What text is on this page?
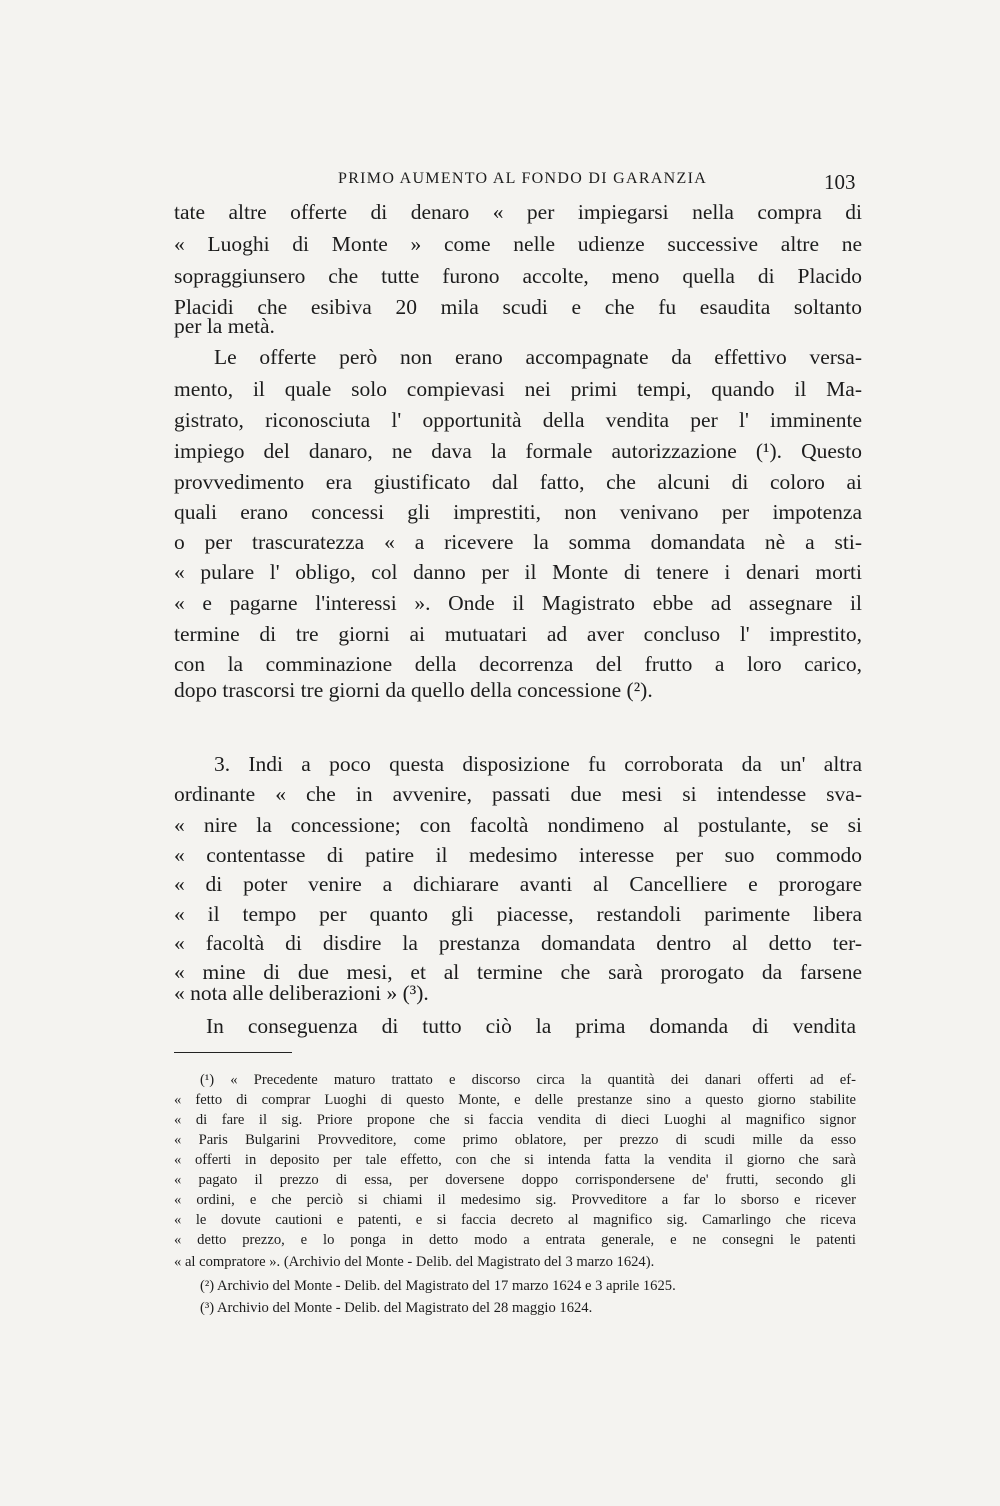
PRIMO AUMENTO AL FONDO DI GARANZIA	103
tate altre offerte di denaro « per impiegarsi nella compra di
« Luoghi di Monte » come nelle udienze successive altre ne
sopraggiunsero che tutte furono accolte, meno quella di Placido
Placidi che esibiva 20 mila scudi e che fu esaudita soltanto
per la metà.
Le offerte però non erano accompagnate da effettivo versa-
mento, il quale solo compievasi nei primi tempi, quando il Ma-
gistrato, riconosciuta l' opportunità della vendita per l' imminente
impiego del danaro, ne dava la formale autorizzazione (¹). Questo
provvedimento era giustificato dal fatto, che alcuni di coloro ai
quali erano concessi gli imprestiti, non venivano per impotenza
o per trascuratezza « a ricevere la somma domandata nè a sti-
« pulare l' obligo, col danno per il Monte di tenere i denari morti
« e pagarne l'interessi ». Onde il Magistrato ebbe ad assegnare il
termine di tre giorni ai mutuatari ad aver concluso l' imprestito,
con la comminazione della decorrenza del frutto a loro carico,
dopo trascorsi tre giorni da quello della concessione (²).
3. Indi a poco questa disposizione fu corroborata da un' altra
ordinante « che in avvenire, passati due mesi si intendesse sva-
« nire la concessione; con facoltà nondimeno al postulante, se si
« contentasse di patire il medesimo interesse per suo commodo
« di poter venire a dichiarare avanti al Cancelliere e prorogare
« il tempo per quanto gli piacesse, restandoli parimente libera
« facoltà di disdire la prestanza domandata dentro al detto ter-
« mine di due mesi, et al termine che sarà prorogato da farsene
« nota alle deliberazioni » (³).
In conseguenza di tutto ciò la prima domanda di vendita
(¹) « Precedente maturo trattato e discorso circa la quantità dei danari offerti ad ef-
« fetto di comprar Luoghi di questo Monte, e delle prestanze sino a questo giorno stabilite
« di fare il sig. Priore propone che si faccia vendita di dieci Luoghi al magnifico signor
« Paris Bulgarini Provveditore, come primo oblatore, per prezzo di scudi mille da esso
« offerti in deposito per tale effetto, con che si intenda fatta la vendita il giorno che sarà
« pagato il prezzo di essa, per doversene doppo corrispondersene de' frutti, secondo gli
« ordini, e che perciò si chiami il medesimo sig. Provveditore a far lo sborso e ricever
« le dovute cautioni e patenti, e si faccia decreto al magnifico sig. Camarlingo che riceva
« detto prezzo, e lo ponga in detto modo a entrata generale, e ne consegni le patenti
« al compratore ». (Archivio del Monte - Delib. del Magistrato del 3 marzo 1624).
(²) Archivio del Monte - Delib. del Magistrato del 17 marzo 1624 e 3 aprile 1625.
(³) Archivio del Monte - Delib. del Magistrato del 28 maggio 1624.
